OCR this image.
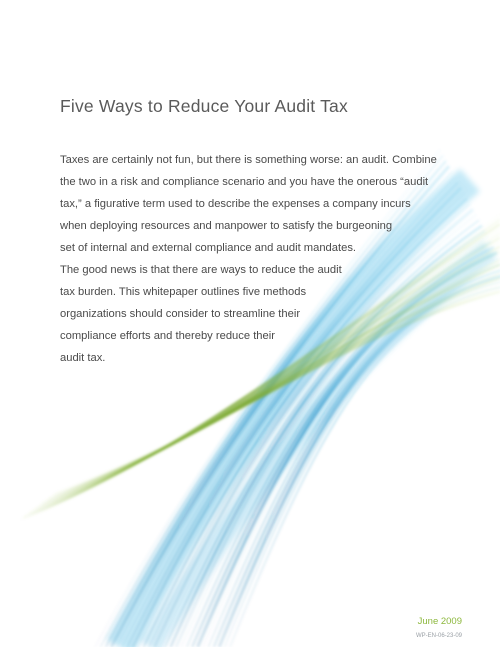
Five Ways to Reduce Your Audit Tax
Taxes are certainly not fun, but there is something worse: an audit. Combine
the two in a risk and compliance scenario and you have the onerous “audit
tax,” a figurative term used to describe the expenses a company incurs
when deploying resources and manpower to satisfy the burgeoning
set of internal and external compliance and audit mandates.
The good news is that there are ways to reduce the audit
tax burden. This whitepaper outlines five methods
organizations should consider to streamline their
compliance efforts and thereby reduce their
audit tax.
June 2009
WP-EN-06-23-09
